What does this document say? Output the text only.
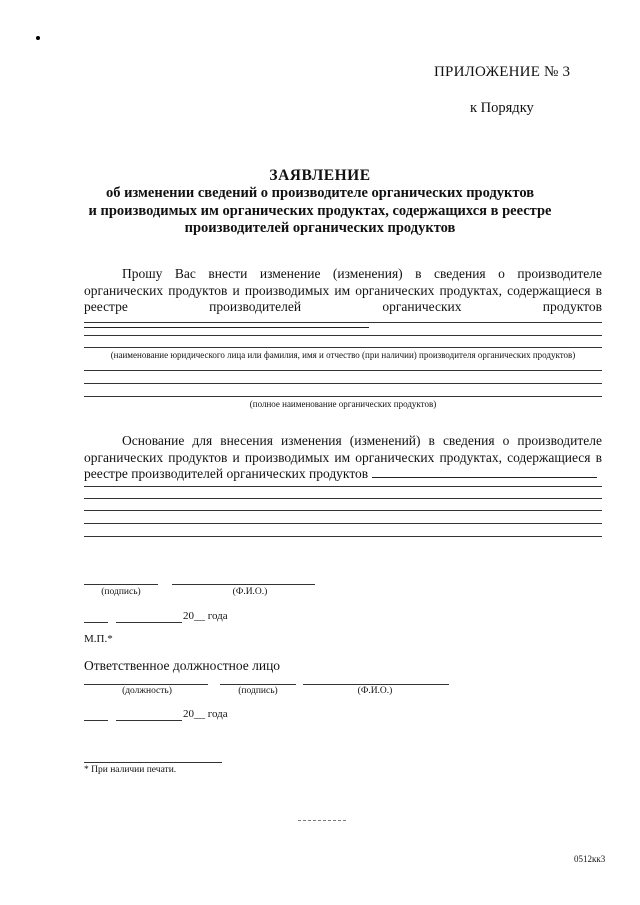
ПРИЛОЖЕНИЕ № 3
к Порядку
ЗАЯВЛЕНИЕ
об изменении сведений о производителе органических продуктов
и производимых им органических продуктах, содержащихся в реестре
производителей органических продуктов
Прошу Вас внести изменение (изменения) в сведения о производителе органических продуктов и производимых им органических продуктах, содержащиеся в реестре производителей органических продуктов
(наименование юридического лица или фамилия, имя и отчество (при наличии) производителя органических продуктов)
(полное наименование органических продуктов)
Основание для внесения изменения (изменений) в сведения о производителе органических продуктов и производимых им органических продуктах, содержащиеся в реестре производителей органических продуктов
(подпись)	(Ф.И.О.)
20__ года
М.П.*
Ответственное должностное лицо
(должность)	(подпись)	(Ф.И.О.)
20__ года
* При наличии печати.
0512кк3
